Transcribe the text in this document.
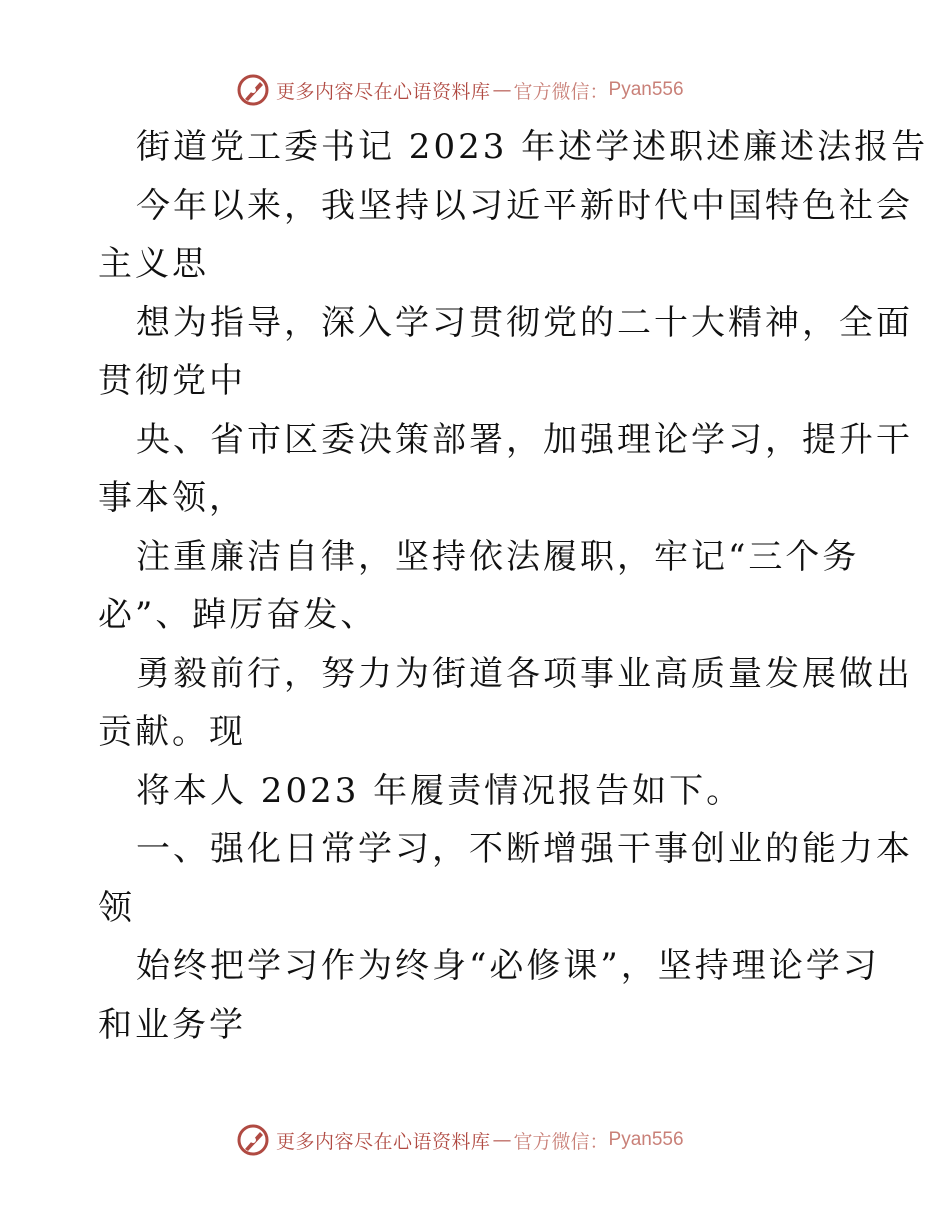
更多内容尽在心语资料库 — 官方微信： Pyan556
街道党工委书记 2023 年述学述职述廉述法报告
今年以来，我坚持以习近平新时代中国特色社会
主义思
想为指导，深入学习贯彻党的二十大精神，全面
贯彻党中
央、省市区委决策部署，加强理论学习，提升干
事本领，
注重廉洁自律，坚持依法履职，牢记“三个务
必”、踔厉奋发、
勇毅前行，努力为街道各项事业高质量发展做出
贡献。现
将本人 2023 年履责情况报告如下。
一、强化日常学习，不断增强干事创业的能力本
领
始终把学习作为终身“必修课”，坚持理论学习
和业务学
更多内容尽在心语资料库 — 官方微信： Pyan556
